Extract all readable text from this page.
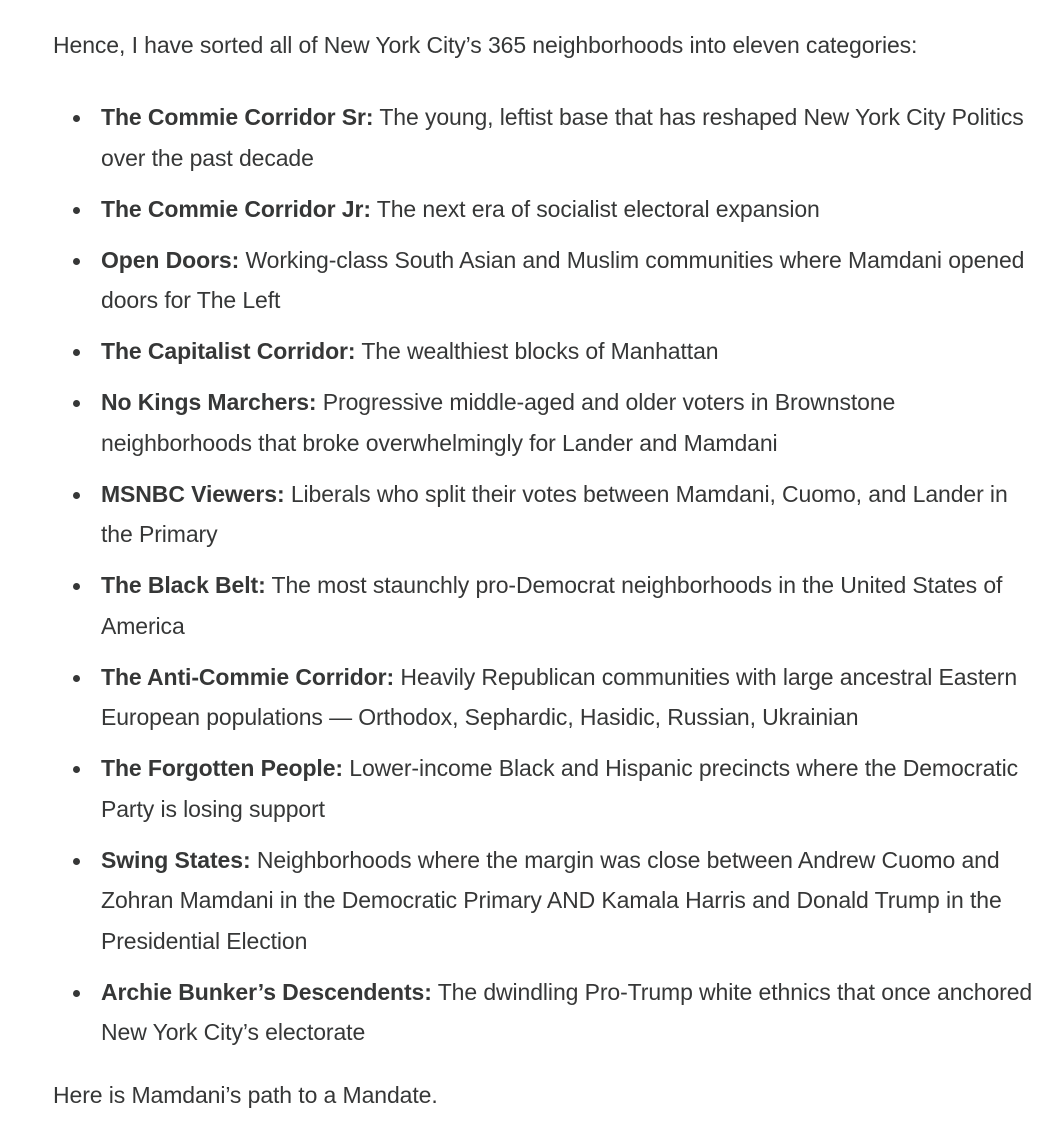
Hence, I have sorted all of New York City’s 365 neighborhoods into eleven categories:

The Commie Corridor Sr: The young, leftist base that has reshaped New York City Politics over the past decade
The Commie Corridor Jr: The next era of socialist electoral expansion
Open Doors: Working-class South Asian and Muslim communities where Mamdani opened doors for The Left
The Capitalist Corridor: The wealthiest blocks of Manhattan
No Kings Marchers: Progressive middle-aged and older voters in Brownstone neighborhoods that broke overwhelmingly for Lander and Mamdani
MSNBC Viewers: Liberals who split their votes between Mamdani, Cuomo, and Lander in the Primary
The Black Belt: The most staunchly pro-Democrat neighborhoods in the United States of America
The Anti-Commie Corridor: Heavily Republican communities with large ancestral Eastern European populations — Orthodox, Sephardic, Hasidic, Russian, Ukrainian
The Forgotten People: Lower-income Black and Hispanic precincts where the Democratic Party is losing support
Swing States: Neighborhoods where the margin was close between Andrew Cuomo and Zohran Mamdani in the Democratic Primary AND Kamala Harris and Donald Trump in the Presidential Election
Archie Bunker’s Descendents: The dwindling Pro-Trump white ethnics that once anchored New York City’s electorate

Here is Mamdani’s path to a Mandate.
